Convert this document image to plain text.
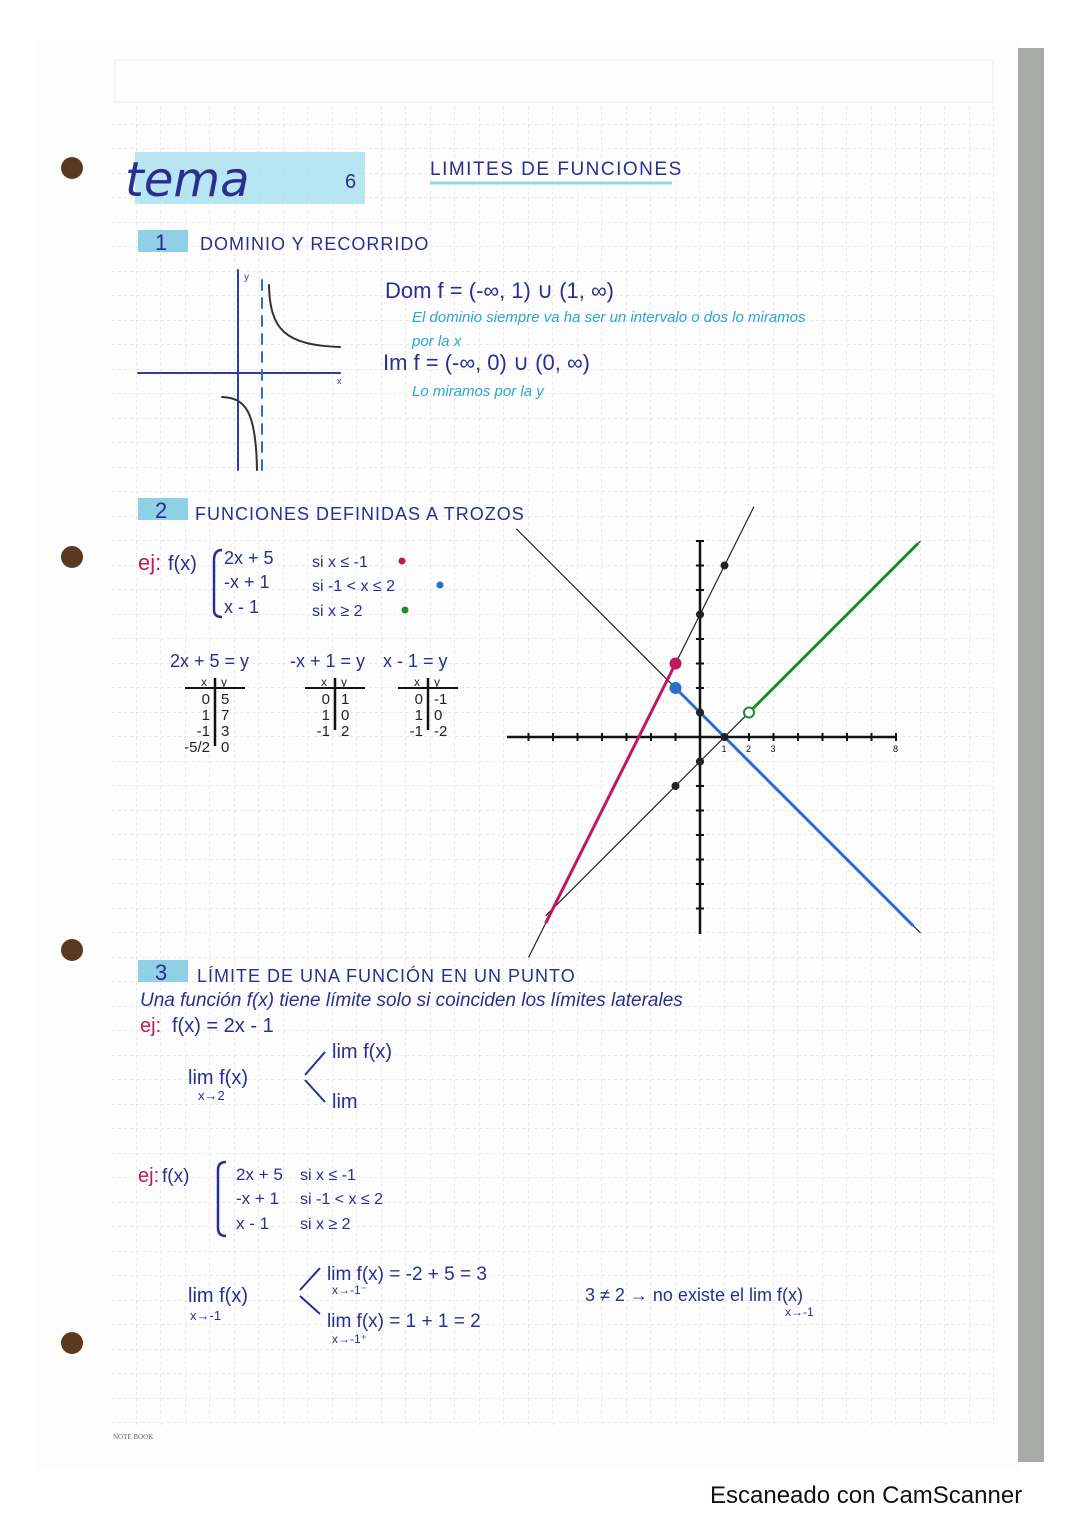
tema	6
LIMITES DE FUNCIONES
1 DOMINIO Y RECORRIDO
y
x
Dom f = (-∞, 1) ∪ (1, ∞)
El dominio siempre va ha ser un intervalo o dos lo miramos
por la x
Im f = (-∞, 0) ∪ (0, ∞)
Lo miramos por la y
2 FUNCIONES DEFINIDAS A TROZOS
ej: f(x) 2x + 5 si x ≤ -1
-x + 1	si -1 < x ≤ 2
x - 1	si x ≥ 2
2x + 5 = y
x y
0 5
1 7
-1 3
-5/2 0
-x + 1 = y
x y
0 1
1 0
-1 2
x - 1 = y
x y
0 -1
1 0
-1 -2
1 2 3	8
3 LÍMITE DE UNA FUNCIÓN EN UN PUNTO
Una función f(x) tiene límite solo si coinciden los límites laterales
ej: f(x) = 2x - 1
lim f(x)
x→2
lim f(x)
lim
ej: f(x)	2x + 5 si x ≤ -1
-x + 1 si -1 < x ≤ 2
x - 1 si x ≥ 2
lim f(x)
x→-1
lim f(x) = -2 + 5 = 3
x→-1⁻
lim f(x) = 1 + 1 = 2
x→-1⁺
3 ≠ 2 → no existe el lim f(x)
x→-1
NOTE BOOK
Escaneado con CamScanner
